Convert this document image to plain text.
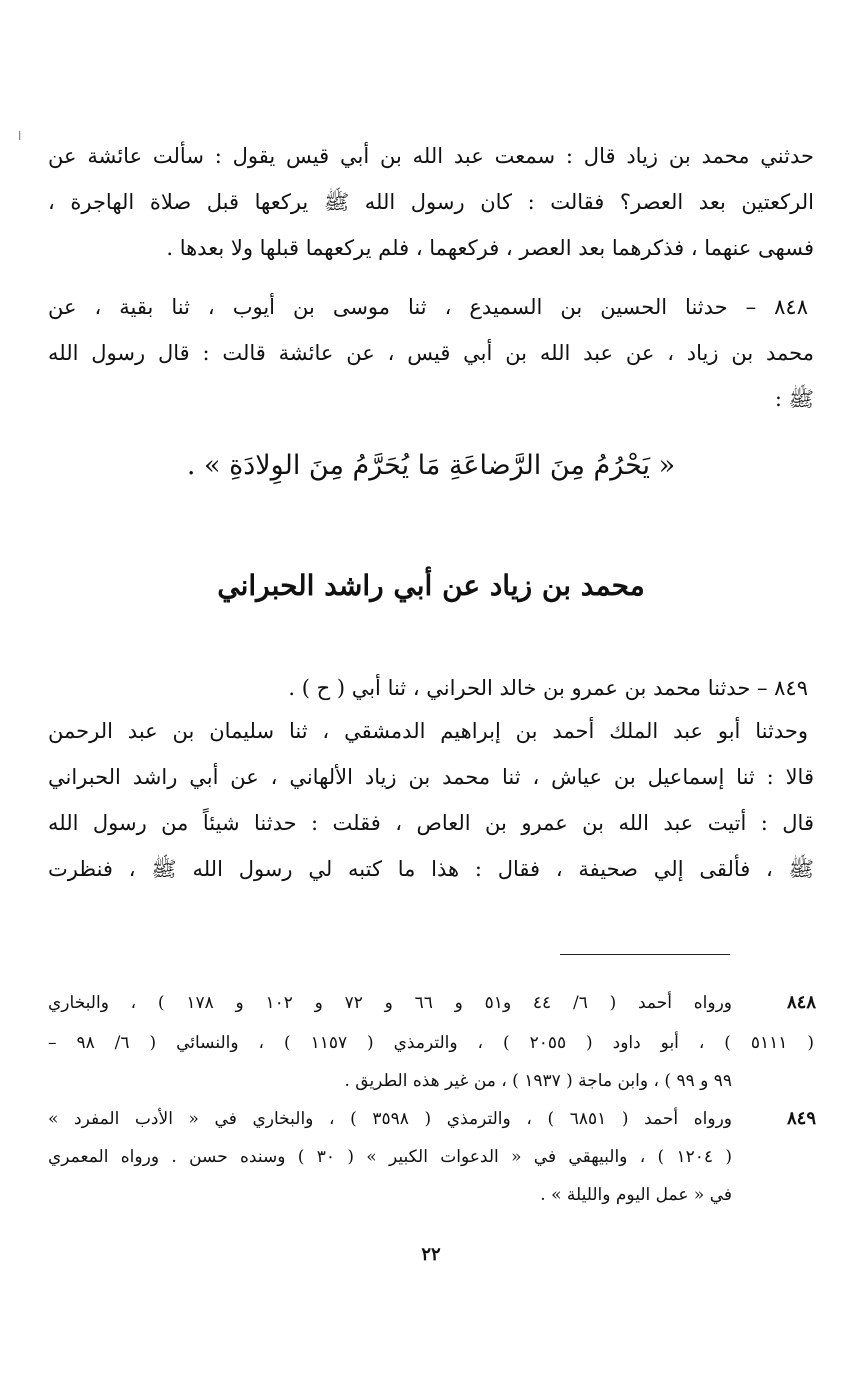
ا
حدثني محمد بن زياد قال : سمعت عبد الله بن أبي قيس يقول : سألت عائشة عن
الركعتين بعد العصر؟ فقالت : كان رسول الله ﷺ يركعها قبل صلاة الهاجرة ،
فسهى عنهما ، فذكرهما بعد العصر ، فركعهما ، فلم يركعهما قبلها ولا بعدها .
٨٤٨ – حدثنا الحسين بن السميدع ، ثنا موسى بن أيوب ، ثنا بقية ، عن
محمد بن زياد ، عن عبد الله بن أبي قيس ، عن عائشة قالت : قال رسول الله
ﷺ :
« يَحْرُمُ مِنَ الرَّضاعَةِ مَا يُحَرَّمُ مِنَ الوِلادَةِ » .
محمد بن زياد عن أبي راشد الحبراني
٨٤٩ – حدثنا محمد بن عمرو بن خالد الحراني ، ثنا أبي ( ح ) .
وحدثنا أبو عبد الملك أحمد بن إبراهيم الدمشقي ، ثنا سليمان بن عبد الرحمن
قالا : ثنا إسماعيل بن عياش ، ثنا محمد بن زياد الألهاني ، عن أبي راشد الحبراني
قال : أتيت عبد الله بن عمرو بن العاص ، فقلت : حدثنا شيئاً من رسول الله
ﷺ ، فألقى إلي صحيفة ، فقال : هذا ما كتبه لي رسول الله ﷺ ، فنظرت
٨٤٨
ورواه أحمد ( ٦/ ٤٤ و٥١ و ٦٦ و ٧٢ و ١٠٢ و ١٧٨ ) ، والبخاري
( ٥١١١ ) ، أبو داود ( ٢٠٥٥ ) ، والترمذي ( ١١٥٧ ) ، والنسائي ( ٦/ ٩٨ –
٩٩ و ٩٩ ) ، وابن ماجة ( ١٩٣٧ ) ، من غير هذه الطريق .
٨٤٩
ورواه أحمد ( ٦٨٥١ ) ، والترمذي ( ٣٥٩٨ ) ، والبخاري في « الأدب المفرد »
( ١٢٠٤ ) ، والبيهقي في « الدعوات الكبير » ( ٣٠ ) وسنده حسن . ورواه المعمري
في « عمل اليوم والليلة » .
٢٢
